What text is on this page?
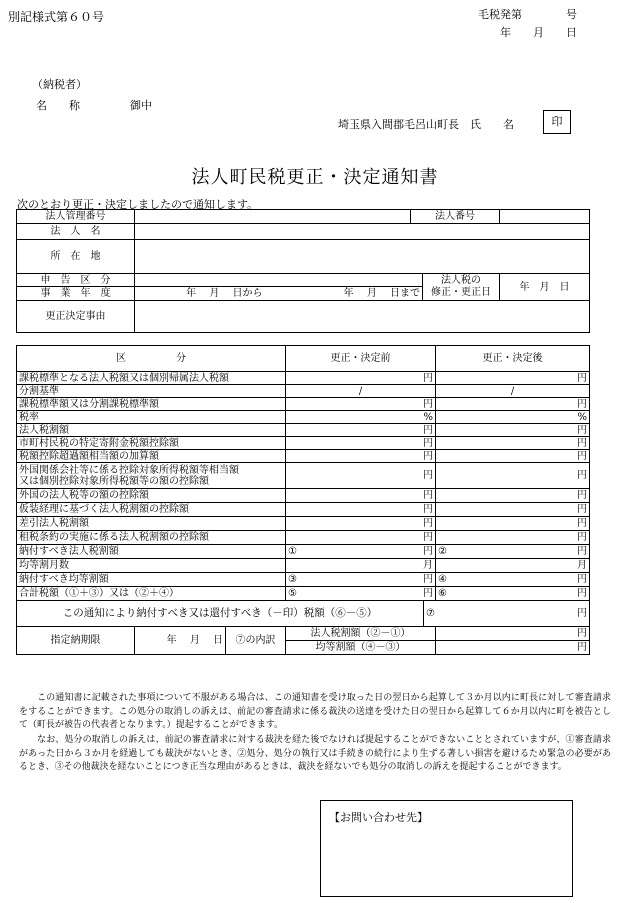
別記様式第６０号	毛税発第　　　　号
年　　月　　日
（納税者）
名　　称	御中
埼玉県入間郡毛呂山町長　氏　　名	印
法人町民税更正・決定通知書
次のとおり更正・決定しましたので通知します。
法人管理番号			法人番号		
法　人　名					
所　在　地					
申　告　区　分				法人税の
修正・更正日	年　月　日
事　業　年　度	年　 月　 日から	年　 月　 日まで			
更正決定事由					
区　　　　　分			更正・決定前		更正・決定後
課税標準となる法人税額又は個別帰属法人税額			円		円
分割基準			/		/
課税標準額又は分割課税標準額			円		円
税率			%		%
法人税割額			円		円
市町村民税の特定寄附金税額控除額			円		円
税額控除超過額相当額の加算額			円		円
外国関係会社等に係る控除対象所得税額等相当額
又は個別控除対象所得税額等の額の控除額			円		円
外国の法人税等の額の控除額			円		円
仮装経理に基づく法人税割額の控除額			円		円
差引法人税割額			円		円
租税条約の実施に係る法人税割額の控除額			円		円
納付すべき法人税割額			① 円		② 円

均等割月数			月		月
納付すべき均等割額			③ 円		④ 円

合計税額（①＋③）又は（②＋④）			⑤ 円		⑥ 円

この通知により納付すべき又は還付すべき（－印）税額（⑥－⑤）				⑦ 円	

指定納期限	年　 月　 日	⑦の内訳	法人税割額（②－①）		円
			均等割額（④－③）		円
この通知書に記載された事項について不服がある場合は、この通知書を受け取った日の翌日から起算して３か月以内に町長に対して審査請求をすることができます。この処分の取消しの訴えは、前記の審査請求に係る裁決の送達を受けた日の翌日から起算して６か月以内に町を被告として（町長が被告の代表者となります。）提起することができます。
なお、処分の取消しの訴えは、前記の審査請求に対する裁決を経た後でなければ提起することができないこととされていますが、①審査請求があった日から３か月を経過しても裁決がないとき、②処分、処分の執行又は手続きの続行により生ずる著しい損害を避けるため緊急の必要があるとき、③その他裁決を経ないことにつき正当な理由があるときは、裁決を経ないでも処分の取消しの訴えを提起することができます。
【お問い合わせ先】
